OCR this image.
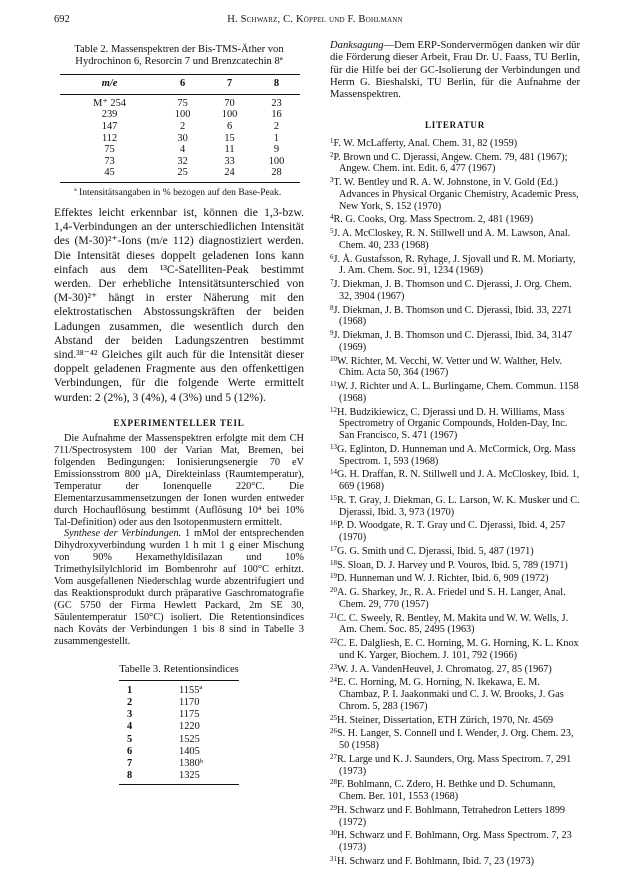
692	H. Schwarz, C. Köppel und F. Bohlmann
Table 2. Massenspektren der Bis-TMS-Äther von Hydrochinon 6, Resorcin 7 und Brenzcatechin 8ª
m/e	6	7	8
M⁺ 254	75	70	23
239	100	100	16
147	2	6	2
112	30	15	1
75	4	11	9
73	32	33	100
45	25	24	28
ª Intensitätsangaben in % bezogen auf den Base-Peak.

Effektes leicht erkennbar ist, können die 1,3-bzw. 1,4-Verbindungen an der unterschiedlichen Intensität des (M-30)²⁺-Ions (m/e 112) diagnostiziert werden. Die Intensität dieses doppelt geladenen Ions kann einfach aus dem ¹³C-Satelliten-Peak bestimmt werden. Der erhebliche Intensitätsunterschied von (M-30)²⁺ hängt in erster Näherung mit den elektrostatischen Abstossungskräften der beiden Ladungen zusammen, die wesentlich durch den Abstand der beiden Ladungszentren bestimmt sind.³⁸⁻⁴² Gleiches gilt auch für die Intensität dieser doppelt geladenen Fragmente aus den offenkettigen Verbindungen, für die folgende Werte ermittelt wurden: 2 (2%), 3 (4%), 4 (3%) und 5 (12%).

EXPERIMENTELLER TEIL

Die Aufnahme der Massenspektren erfolgte mit dem CH 711/Spectrosystem 100 der Varian Mat, Bremen, bei folgenden Bedingungen: Ionisierungsenergie 70 eV Emissionsstrom 800 µA, Direkteinlass (Raumtemperatur), Temperatur der Ionenquelle 220°C. Die Elementarzusammensetzungen der Ionen wurden entweder durch Hochauflösung bestimmt (Auflösung 10⁴ bei 10% Tal-Definition) oder aus den Isotopenmustern ermittelt.

Synthese der Verbindungen. 1 mMol der entsprechenden Dihydroxyverbindung wurden 1 h mit 1 g einer Mischung von 90% Hexamethyldisilazan und 10% Trimethylsilylchlorid im Bombenrohr auf 100°C erhitzt. Vom ausgefallenen Niederschlag wurde abzentrifugiert und das Reaktionsprodukt durch präparative Gaschromatografie (GC 5750 der Firma Hewlett Packard, 2m SE 30, Säulentemperatur 150°C) isoliert. Die Retentionsindices nach Kováts der Verbindungen 1 bis 8 sind in Tabelle 3 zusammengestellt.

Tabelle 3. Retentionsindices

1	1155ª
2	1170
3	1175
4	1220
5	1525
6	1405
7	1380ᵇ
8	1325
Danksagung—Dem ERP-Sondervermögen danken wir dür die Förderung dieser Arbeit, Frau Dr. U. Faass, TU Berlin, für die Hilfe bei der GC-Isolierung der Verbindungen und Herrn G. Bieshalski, TU Berlin, für die Aufnahme der Massenspektren.
LITERATUR

$^1$F. W. McLafferty, Anal. Chem. 31, 82 (1959)

$^2$P. Brown und C. Djerassi, Angew. Chem. 79, 481 (1967); Angew. Chem. int. Edit. 6, 477 (1967)

$^3$T. W. Bentley und R. A. W. Johnstone, in V. Gold (Ed.) Advances in Physical Organic Chemistry, Academic Press, New York, S. 152 (1970)

$^4$R. G. Cooks, Org. Mass Spectrom. 2, 481 (1969)

$^5$J. A. McCloskey, R. N. Stillwell und A. M. Lawson, Anal. Chem. 40, 233 (1968)

$^6$J. Å. Gustafsson, R. Ryhage, J. Sjovall und R. M. Moriarty, J. Am. Chem. Soc. 91, 1234 (1969)

$^7$J. Diekman, J. B. Thomson und C. Djerassi, J. Org. Chem. 32, 3904 (1967)

$^8$J. Diekman, J. B. Thomson und C. Djerassi, Ibid. 33, 2271 (1968)

$^9$J. Diekman, J. B. Thomson und C. Djerassi, Ibid. 34, 3147 (1969)

$^{10}$W. Richter, M. Vecchi, W. Vetter und W. Walther, Helv. Chim. Acta 50, 364 (1967)

$^{11}$W. J. Richter und A. L. Burlingame, Chem. Commun. 1158 (1968)

$^{12}$H. Budzikiewicz, C. Djerassi und D. H. Williams, Mass Spectrometry of Organic Compounds, Holden-Day, Inc. San Francisco, S. 471 (1967)

$^{13}$G. Eglinton, D. Hunneman und A. McCormick, Org. Mass Spectrom. 1, 593 (1968)

$^{14}$G. H. Draffan, R. N. Stillwell und J. A. McCloskey, Ibid. 1, 669 (1968)

$^{15}$R. T. Gray, J. Diekman, G. L. Larson, W. K. Musker und C. Djerassi, Ibid. 3, 973 (1970)

$^{16}$P. D. Woodgate, R. T. Gray und C. Djerassi, Ibid. 4, 257 (1970)

$^{17}$G. G. Smith und C. Djerassi, Ibid. 5, 487 (1971)

$^{18}$S. Sloan, D. J. Harvey und P. Vouros, Ibid. 5, 789 (1971)

$^{19}$D. Hunneman und W. J. Richter, Ibid. 6, 909 (1972)

$^{20}$A. G. Sharkey, Jr., R. A. Friedel und S. H. Langer, Anal. Chem. 29, 770 (1957)

$^{21}$C. C. Sweely, R. Bentley, M. Makita und W. W. Wells, J. Am. Chem. Soc. 85, 2495 (1963)

$^{22}$C. E. Dalgliesh, E. C. Horning, M. G. Horning, K. L. Knox und K. Yarger, Biochem. J. 101, 792 (1966)

$^{23}$W. J. A. VandenHeuvel, J. Chromatog. 27, 85 (1967)

$^{24}$E. C. Horning, M. G. Horning, N. Ikekawa, E. M. Chambaz, P. I. Jaakonmaki und C. J. W. Brooks, J. Gas Chrom. 5, 283 (1967)

$^{25}$H. Steiner, Dissertation, ETH Zürich, 1970, Nr. 4569

$^{26}$S. H. Langer, S. Connell und I. Wender, J. Org. Chem. 23, 50 (1958)

$^{27}$R. Large und K. J. Saunders, Org. Mass Spectrom. 7, 291 (1973)

$^{28}$F. Bohlmann, C. Zdero, H. Bethke und D. Schumann, Chem. Ber. 101, 1553 (1968)

$^{29}$H. Schwarz und F. Bohlmann, Tetrahedron Letters 1899 (1972)

$^{30}$H. Schwarz und F. Bohlmann, Org. Mass Spectrom. 7, 23 (1973)

$^{31}$H. Schwarz und F. Bohlmann, Ibid. 7, 23 (1973)
